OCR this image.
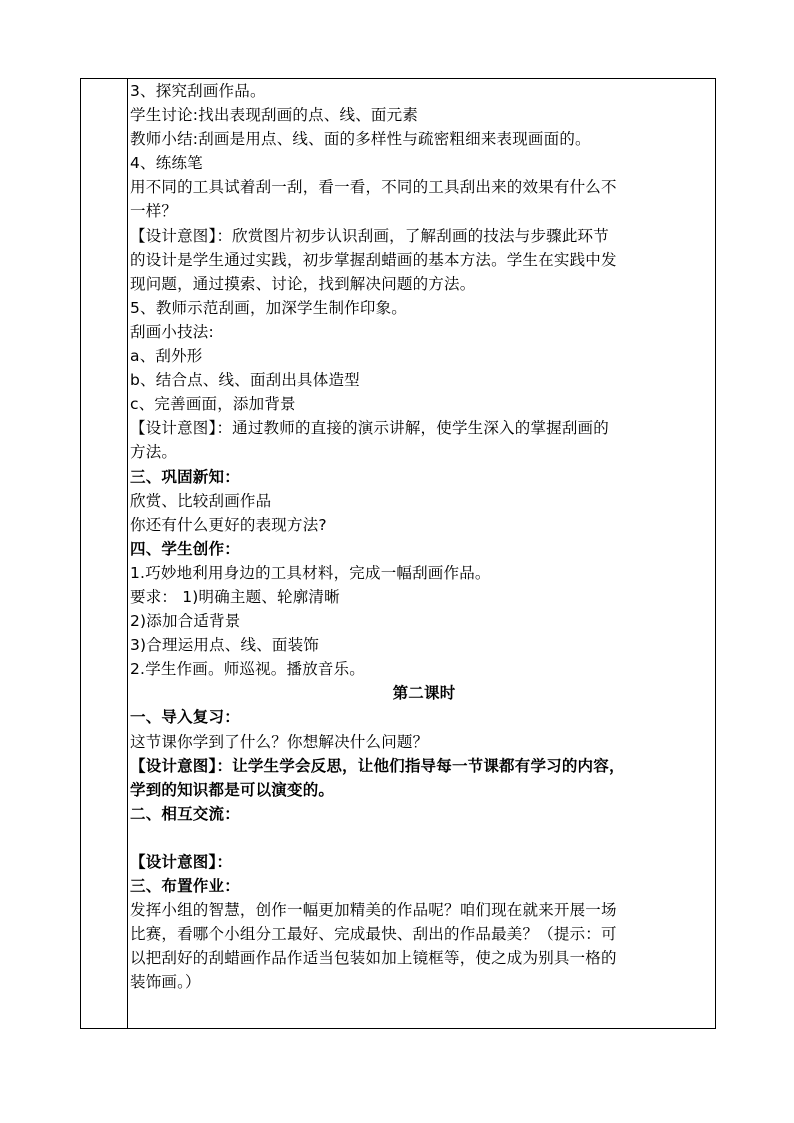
3、探究刮画作品。
学生讨论:找出表现刮画的点、线、面元素
教师小结:刮画是用点、线、面的多样性与疏密粗细来表现画面的。
4、练练笔
用不同的工具试着刮一刮，看一看，不同的工具刮出来的效果有什么不
一样？
【设计意图】：欣赏图片初步认识刮画，了解刮画的技法与步骤此环节
的设计是学生通过实践，初步掌握刮蜡画的基本方法。学生在实践中发
现问题，通过摸索、讨论，找到解决问题的方法。
5、教师示范刮画，加深学生制作印象。
刮画小技法:
a、刮外形
b、结合点、线、面刮出具体造型
c、完善画面，添加背景
【设计意图】：通过教师的直接的演示讲解，使学生深入的掌握刮画的
方法。
三、巩固新知：
欣赏、比较刮画作品
你还有什么更好的表现方法?
四、学生创作：
1.巧妙地利用身边的工具材料，完成一幅刮画作品。
要求： 1)明确主题、轮廓清晰
2)添加合适背景
3)合理运用点、线、面装饰
2.学生作画。师巡视。播放音乐。
第二课时
一、导入复习：
这节课你学到了什么？你想解决什么问题？
【设计意图】：让学生学会反思，让他们指导每一节课都有学习的内容，
学到的知识都是可以演变的。
二、相互交流：
【设计意图】：
三、布置作业：
发挥小组的智慧，创作一幅更加精美的作品呢？咱们现在就来开展一场
比赛，看哪个小组分工最好、完成最快、刮出的作品最美？（提示：可
以把刮好的刮蜡画作品作适当包装如加上镜框等，使之成为别具一格的
装饰画。）
